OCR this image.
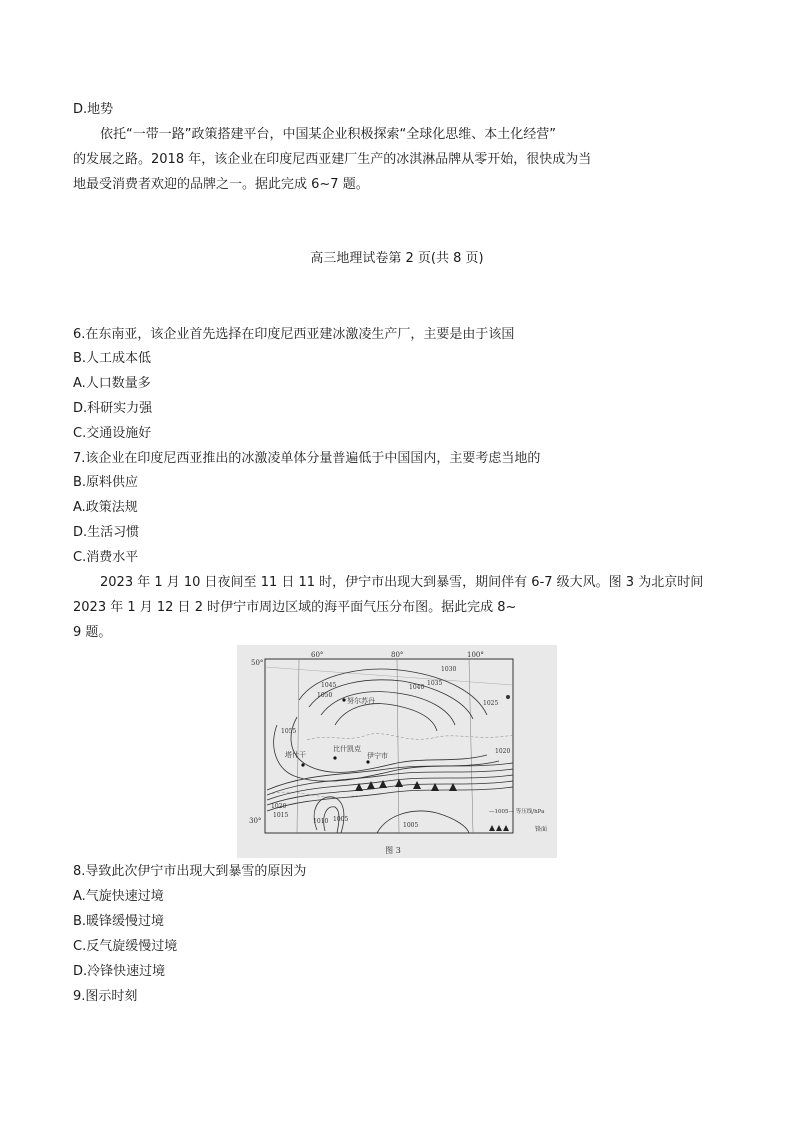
D.地势
依托“一带一路”政策搭建平台，中国某企业积极探索“全球化思维、本土化经营”
的发展之路。2018 年，该企业在印度尼西亚建厂生产的冰淇淋品牌从零开始，很快成为当
地最受消费者欢迎的品牌之一。据此完成 6~7 题。
高三地理试卷第 2 页(共 8 页)
6.在东南亚，该企业首先选择在印度尼西亚建冰激凌生产厂，主要是由于该国
B.人工成本低
A.人口数量多
D.科研实力强
C.交通设施好
7.该企业在印度尼西亚推出的冰激凌单体分量普遍低于中国国内，主要考虑当地的
B.原料供应
A.政策法规
D.生活习惯
C.消费水平
2023 年 1 月 10 日夜间至 11 日 11 时，伊宁市出现大到暴雪，期间伴有 6-7 级大风。图 3 为北京时间
2023 年 1 月 12 日 2 时伊宁市周边区域的海平面气压分布图。据此完成 8~
9 题。
50°
30°
60°	80°	100°
1030
1035
1040
1045
1050
1055
1025
1020
1020
1015
1010 1005
1005
努尔苏丹
比什凯克
塔什干	伊宁市
—1005— 等压线/hPa
锋面
图 3
8.导致此次伊宁市出现大到暴雪的原因为
A.气旋快速过境
B.暖锋缓慢过境
C.反气旋缓慢过境
D.冷锋快速过境
9.图示时刻
